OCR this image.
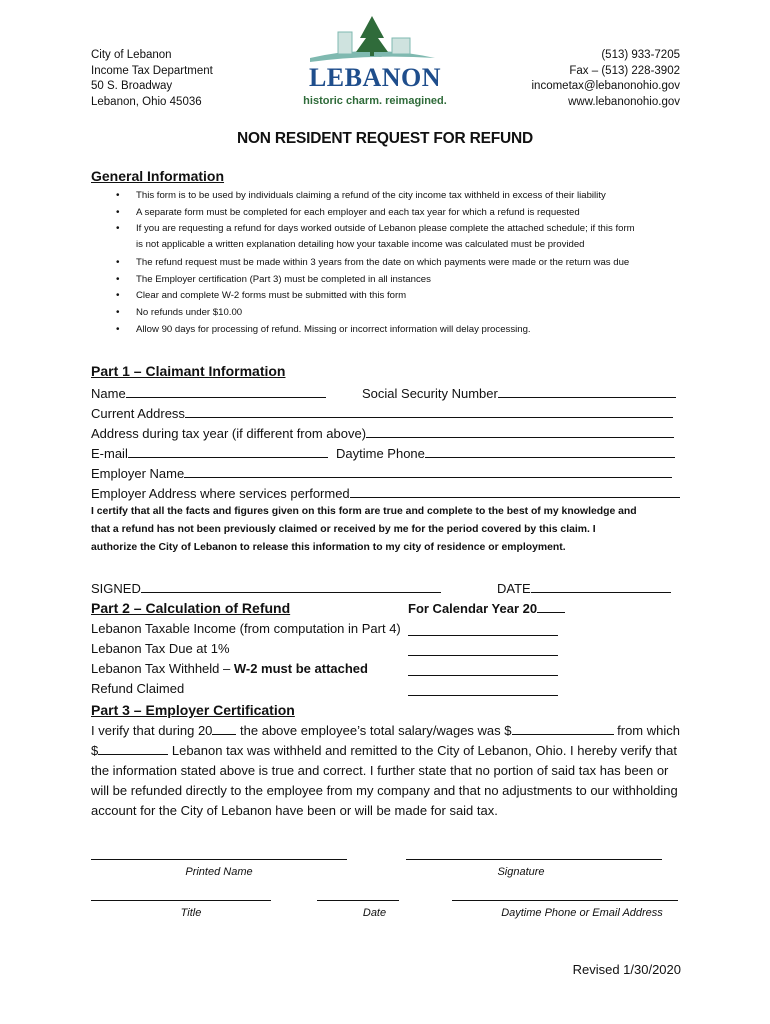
City of Lebanon
Income Tax Department
50 S. Broadway
Lebanon, Ohio 45036
LEBANON
historic charm. reimagined.
(513) 933-7205
Fax – (513) 228-3902
incometax@lebanonohio.gov
www.lebanonohio.gov
NON RESIDENT REQUEST FOR REFUND
General Information
• This form is to be used by individuals claiming a refund of the city income tax withheld in excess of their liability
• A separate form must be completed for each employer and each tax year for which a refund is requested
• If you are requesting a refund for days worked outside of Lebanon please complete the attached schedule; if this form
is not applicable a written explanation detailing how your taxable income was calculated must be provided
• The refund request must be made within 3 years from the date on which payments were made or the return was due
• The Employer certification (Part 3) must be completed in all instances
• Clear and complete W-2 forms must be submitted with this form
• No refunds under $10.00
• Allow 90 days for processing of refund. Missing or incorrect information will delay processing.
Part 1 – Claimant Information
Name	Social Security Number
Current Address
Address during tax year (if different from above)
E-mail	Daytime Phone
Employer Name
Employer Address where services performed
I certify that all the facts and figures given on this form are true and complete to the best of my knowledge and
that a refund has not been previously claimed or received by me for the period covered by this claim. I
authorize the City of Lebanon to release this information to my city of residence or employment.
SIGNED	DATE
Part 2 – Calculation of Refund	For Calendar Year 20
Lebanon Taxable Income (from computation in Part 4)
Lebanon Tax Due at 1%
Lebanon Tax Withheld – W-2 must be attached
Refund Claimed
Part 3 – Employer Certification
I verify that during 20 the above employee’s total salary/wages was $	from which
$	Lebanon tax was withheld and remitted to the City of Lebanon, Ohio. I hereby verify that
the information stated above is true and correct. I further state that no portion of said tax has been or
will be refunded directly to the employee from my company and that no adjustments to our withholding
account for the City of Lebanon have been or will be made for said tax.
Printed Name	Signature
Title	Date	Daytime Phone or Email Address
Revised 1/30/2020
